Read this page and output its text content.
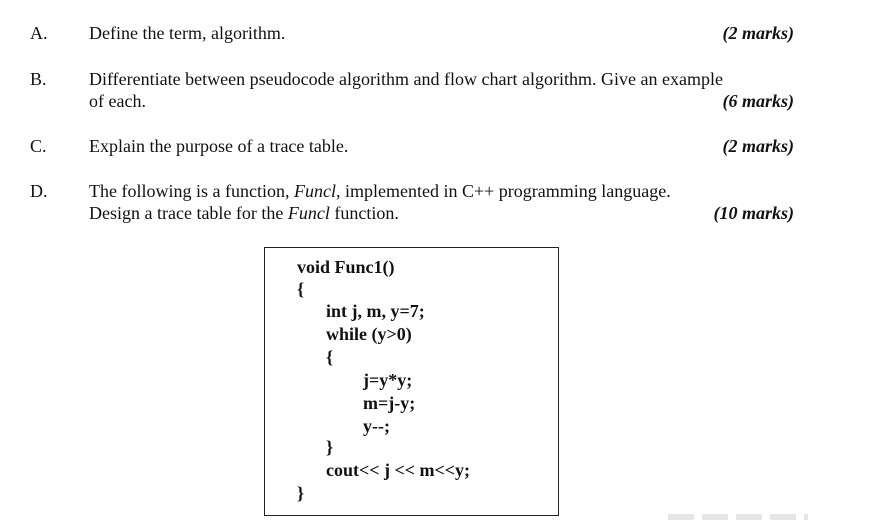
A. Define the term, algorithm.	(2 marks)
B. Differentiate between pseudocode algorithm and flow chart algorithm. Give an example
of each.	(6 marks)
C. Explain the purpose of a trace table.	(2 marks)
D. The following is a function, Funcl, implemented in C++ programming language.
Design a trace table for the Funcl function.	(10 marks)
void Func1()
{
int j, m, y=7;
while (y>0)
{
j=y*y;
m=j-y;
y--;
}
cout<< j << m<<y;
}
